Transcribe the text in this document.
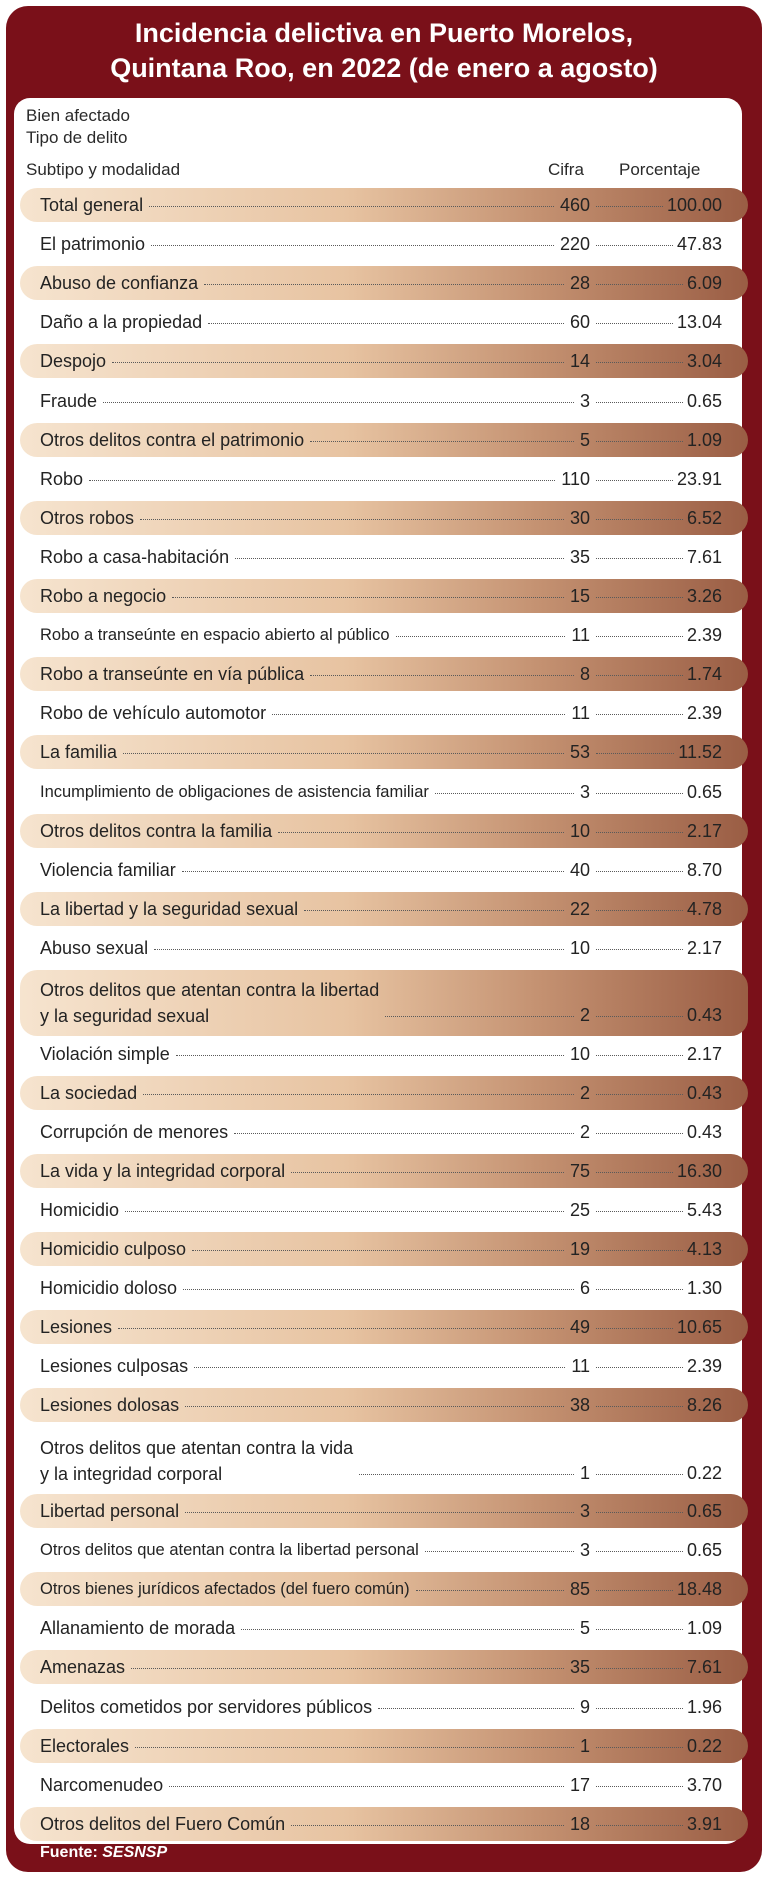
Incidencia delictiva en Puerto Morelos,
Quintana Roo, en 2022 (de enero a agosto)
Bien afectado
Tipo de delito
Subtipo y modalidad	Cifra Porcentaje
Total general	460	100.00
El patrimonio	220	47.83
Abuso de confianza	28	6.09
Daño a la propiedad	60	13.04
Despojo	14	3.04
Fraude	3	0.65
Otros delitos contra el patrimonio	5	1.09
Robo	110	23.91
Otros robos	30	6.52
Robo a casa-habitación	35	7.61
Robo a negocio	15	3.26
Robo a transeúnte en espacio abierto al público	11	2.39
Robo a transeúnte en vía pública	8	1.74
Robo de vehículo automotor	11	2.39
La familia	53	11.52
Incumplimiento de obligaciones de asistencia familiar	3	0.65
Otros delitos contra la familia	10	2.17
Violencia familiar	40	8.70
La libertad y la seguridad sexual	22	4.78
Abuso sexual	10	2.17
Otros delitos que atentan contra la libertad
y la seguridad sexual	2	0.43
Violación simple	10	2.17
La sociedad	2	0.43
Corrupción de menores	2	0.43
La vida y la integridad corporal	75	16.30
Homicidio	25	5.43
Homicidio culposo	19	4.13
Homicidio doloso	6	1.30
Lesiones	49	10.65
Lesiones culposas	11	2.39
Lesiones dolosas	38	8.26
Otros delitos que atentan contra la vida
y la integridad corporal	1	0.22
Libertad personal	3	0.65
Otros delitos que atentan contra la libertad personal	3	0.65
Otros bienes jurídicos afectados (del fuero común)	85	18.48
Allanamiento de morada	5	1.09
Amenazas	35	7.61
Delitos cometidos por servidores públicos	9	1.96
Electorales	1	0.22
Narcomenudeo	17	3.70
Otros delitos del Fuero Común	18	3.91
Fuente: SESNSP
